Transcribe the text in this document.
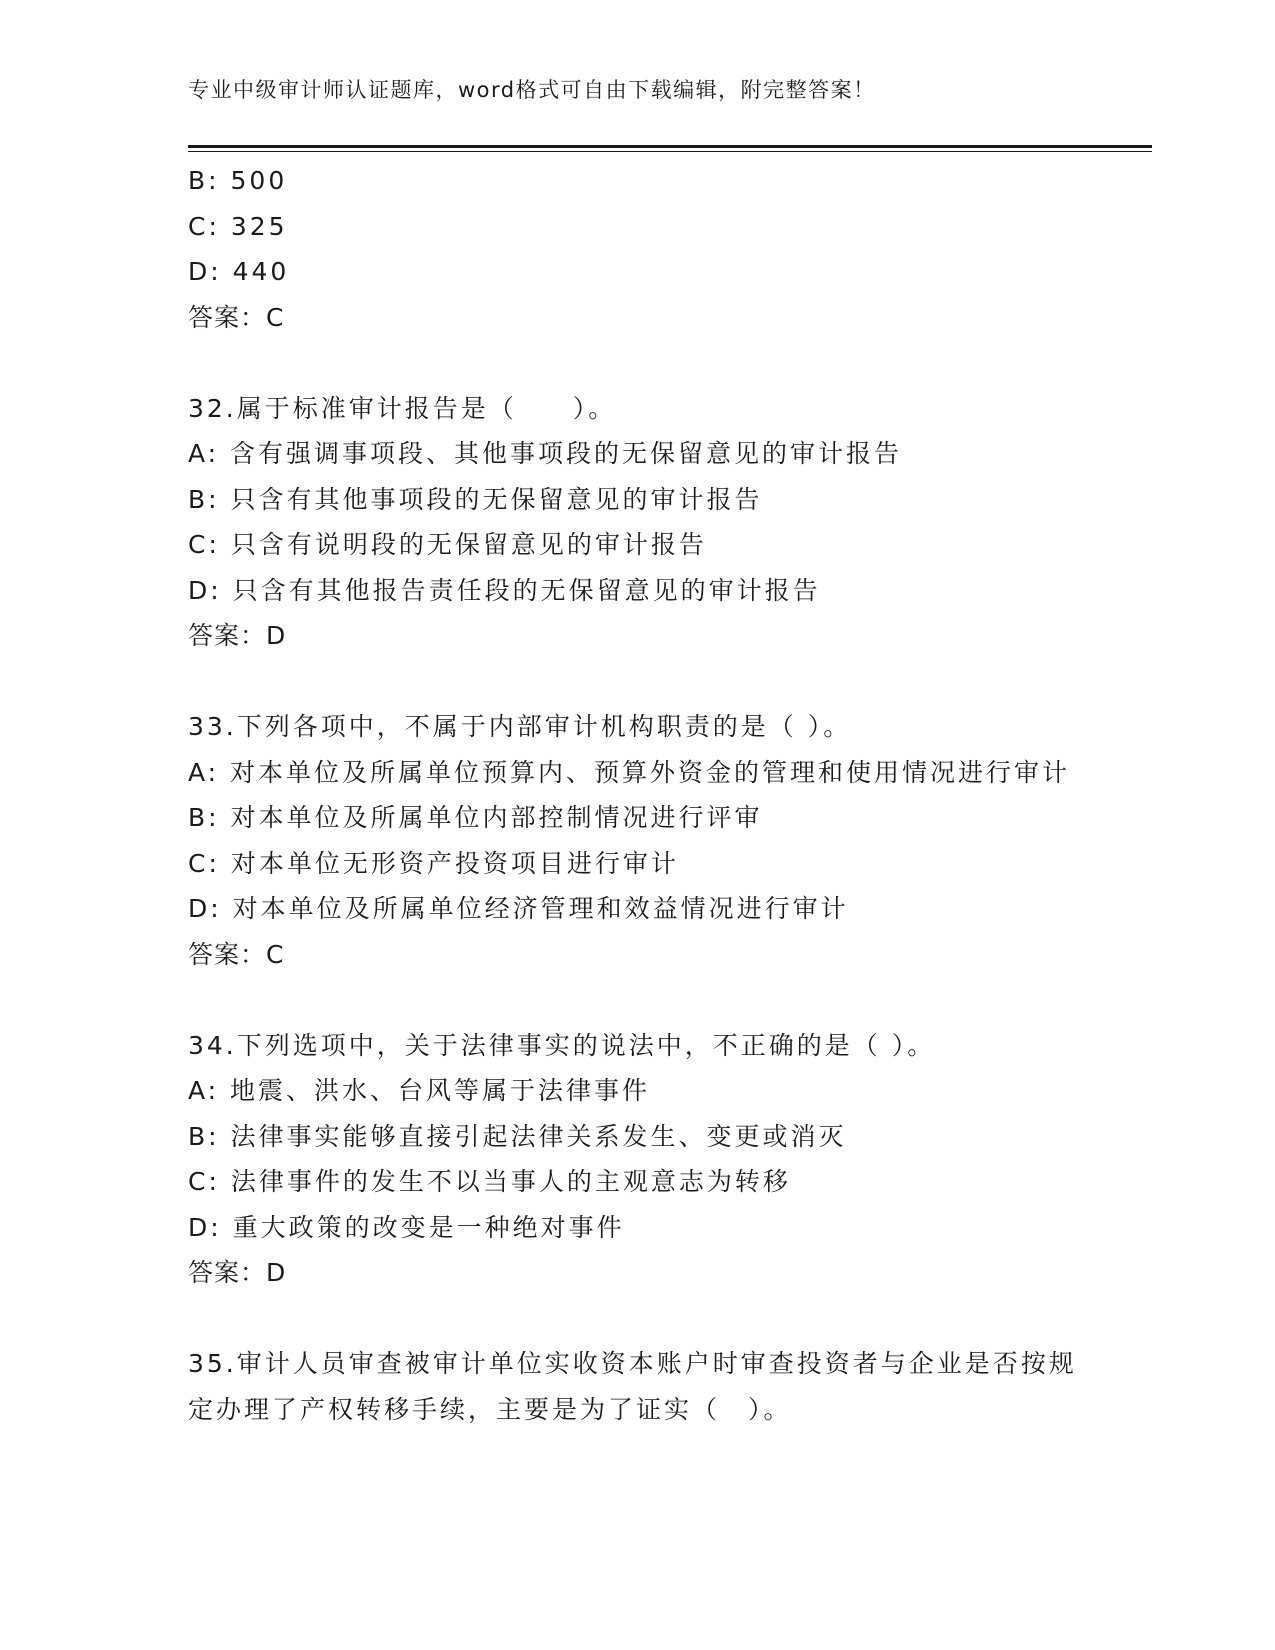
专业中级审计师认证题库，word格式可自由下载编辑，附完整答案！
B: 500
C: 325
D: 440
答案：C
32.属于标准审计报告是（　　）。
A: 含有强调事项段、其他事项段的无保留意见的审计报告
B: 只含有其他事项段的无保留意见的审计报告
C: 只含有说明段的无保留意见的审计报告
D: 只含有其他报告责任段的无保留意见的审计报告
答案：D
33.下列各项中，不属于内部审计机构职责的是（ ）。
A: 对本单位及所属单位预算内、预算外资金的管理和使用情况进行审计
B: 对本单位及所属单位内部控制情况进行评审
C: 对本单位无形资产投资项目进行审计
D: 对本单位及所属单位经济管理和效益情况进行审计
答案：C
34.下列选项中，关于法律事实的说法中，不正确的是（ ）。
A: 地震、洪水、台风等属于法律事件
B: 法律事实能够直接引起法律关系发生、变更或消灭
C: 法律事件的发生不以当事人的主观意志为转移
D: 重大政策的改变是一种绝对事件
答案：D
35.审计人员审查被审计单位实收资本账户时审查投资者与企业是否按规定办理了产权转移手续，主要是为了证实（　）。
